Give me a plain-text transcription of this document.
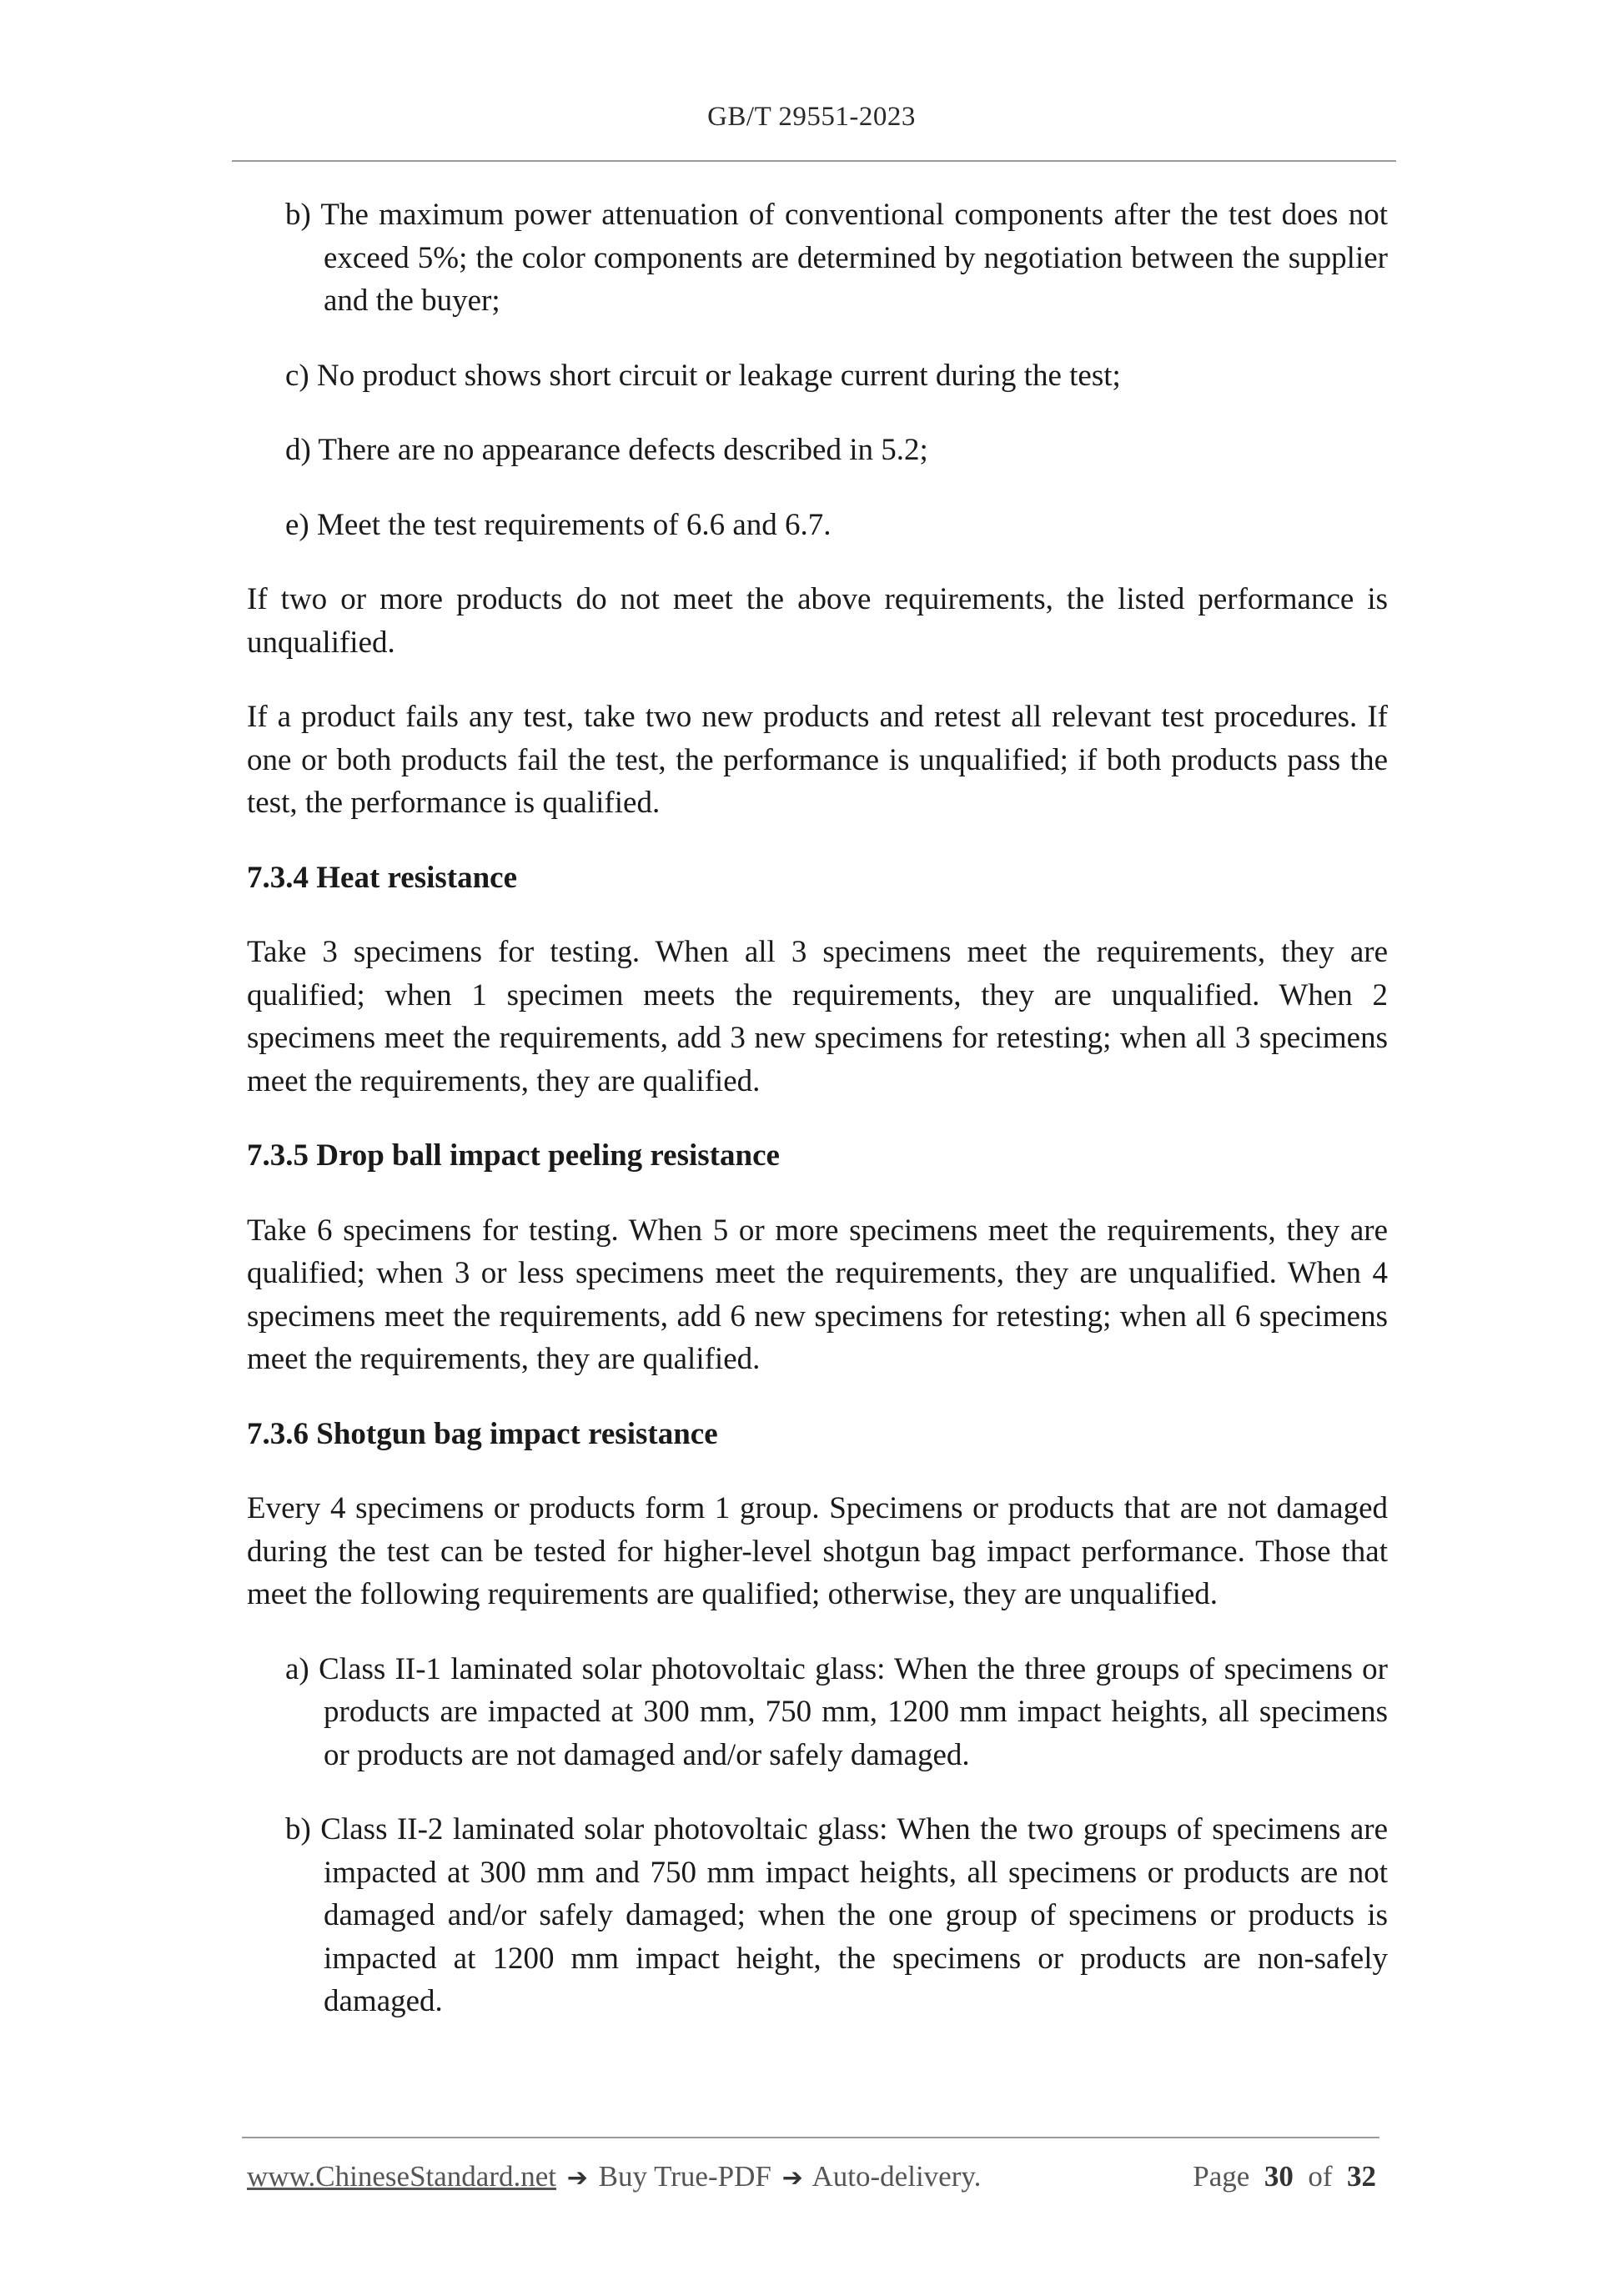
GB/T 29551-2023

b) The maximum power attenuation of conventional components after the test does not exceed 5%; the color components are determined by negotiation between the supplier and the buyer;

c) No product shows short circuit or leakage current during the test;

d) There are no appearance defects described in 5.2;

e) Meet the test requirements of 6.6 and 6.7.

If two or more products do not meet the above requirements, the listed performance is unqualified.

If a product fails any test, take two new products and retest all relevant test procedures. If one or both products fail the test, the performance is unqualified; if both products pass the test, the performance is qualified.

7.3.4 Heat resistance

Take 3 specimens for testing. When all 3 specimens meet the requirements, they are qualified; when 1 specimen meets the requirements, they are unqualified. When 2 specimens meet the requirements, add 3 new specimens for retesting; when all 3 specimens meet the requirements, they are qualified.

7.3.5 Drop ball impact peeling resistance

Take 6 specimens for testing. When 5 or more specimens meet the requirements, they are qualified; when 3 or less specimens meet the requirements, they are unqualified. When 4 specimens meet the requirements, add 6 new specimens for retesting; when all 6 specimens meet the requirements, they are qualified.

7.3.6 Shotgun bag impact resistance

Every 4 specimens or products form 1 group. Specimens or products that are not damaged during the test can be tested for higher-level shotgun bag impact performance. Those that meet the following requirements are qualified; otherwise, they are unqualified.

a) Class II-1 laminated solar photovoltaic glass: When the three groups of specimens or products are impacted at 300 mm, 750 mm, 1200 mm impact heights, all specimens or products are not damaged and/or safely damaged.

b) Class II-2 laminated solar photovoltaic glass: When the two groups of specimens are impacted at 300 mm and 750 mm impact heights, all specimens or products are not damaged and/or safely damaged; when the one group of specimens or products is impacted at 1200 mm impact height, the specimens or products are non-safely damaged.

www.ChineseStandard.net ➔ Buy True-PDF ➔ Auto-delivery.	Page 30 of 32
